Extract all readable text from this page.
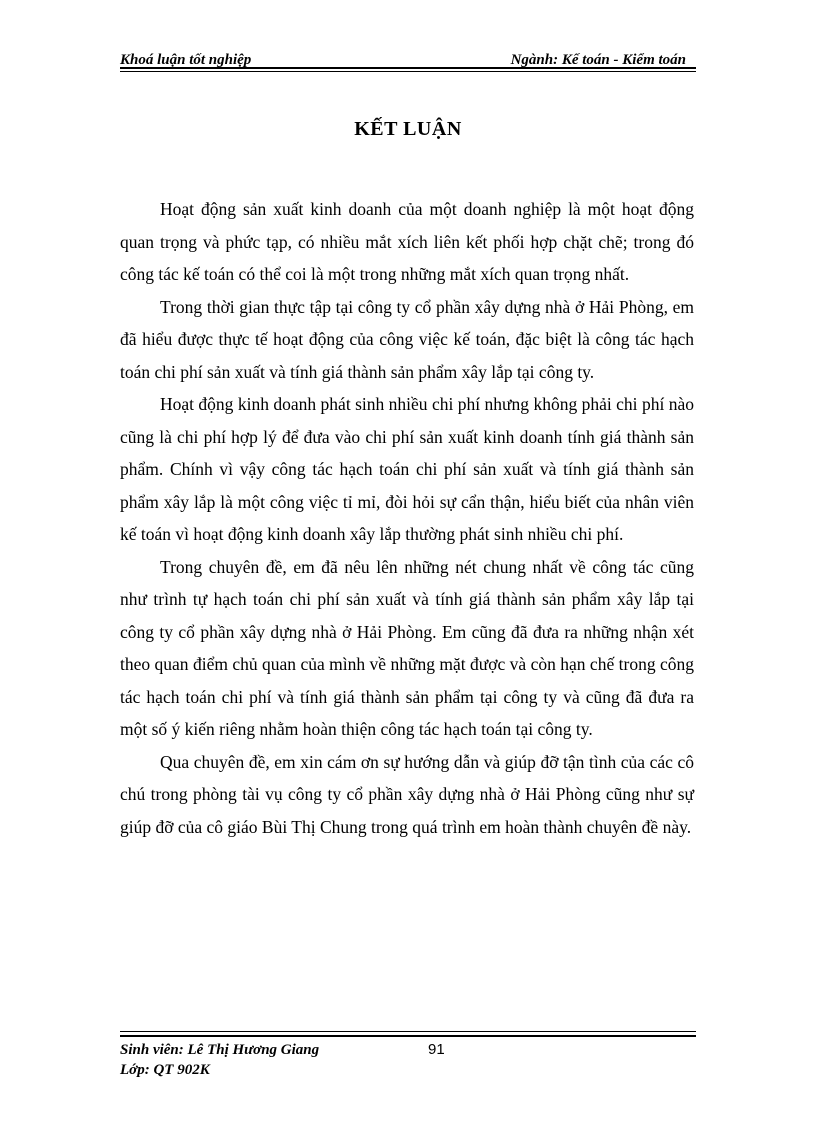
Khoá luận tốt nghiệp	Ngành: Kế toán - Kiểm toán
KẾT LUẬN

Hoạt động sản xuất kinh doanh của một doanh nghiệp là một hoạt động quan trọng và phức tạp, có nhiều mắt xích liên kết phối hợp chặt chẽ; trong đó công tác kế toán có thể coi là một trong những mắt xích quan trọng nhất.

Trong thời gian thực tập tại công ty cổ phần xây dựng nhà ở Hải Phòng, em đã hiểu được thực tế hoạt động của công việc kế toán, đặc biệt là công tác hạch toán chi phí sản xuất và tính giá thành sản phẩm xây lắp tại công ty.

Hoạt động kinh doanh phát sinh nhiều chi phí nhưng không phải chi phí nào cũng là chi phí hợp lý để đưa vào chi phí sản xuất kinh doanh tính giá thành sản phẩm. Chính vì vậy công tác hạch toán chi phí sản xuất và tính giá thành sản phẩm xây lắp là một công việc tỉ mỉ, đòi hỏi sự cẩn thận, hiểu biết của nhân viên kế toán vì hoạt động kinh doanh xây lắp thường phát sinh nhiều chi phí.

Trong chuyên đề, em đã nêu lên những nét chung nhất về công tác cũng như trình tự hạch toán chi phí sản xuất và tính giá thành sản phẩm xây lắp tại công ty cổ phần xây dựng nhà ở Hải Phòng. Em cũng đã đưa ra những nhận xét theo quan điểm chủ quan của mình về những mặt được và còn hạn chế trong công tác hạch toán chi phí và tính giá thành sản phẩm tại công ty và cũng đã đưa ra một số ý kiến riêng nhằm hoàn thiện công tác hạch toán tại công ty.

Qua chuyên đề, em xin cám ơn sự hướng dẫn và giúp đỡ tận tình của các cô chú trong phòng tài vụ công ty cổ phần xây dựng nhà ở Hải Phòng cũng như sự giúp đỡ của cô giáo Bùi Thị Chung trong quá trình em hoàn thành chuyên đề này.

Sinh viên: Lê Thị Hương Giang	91
Lớp: QT 902K
